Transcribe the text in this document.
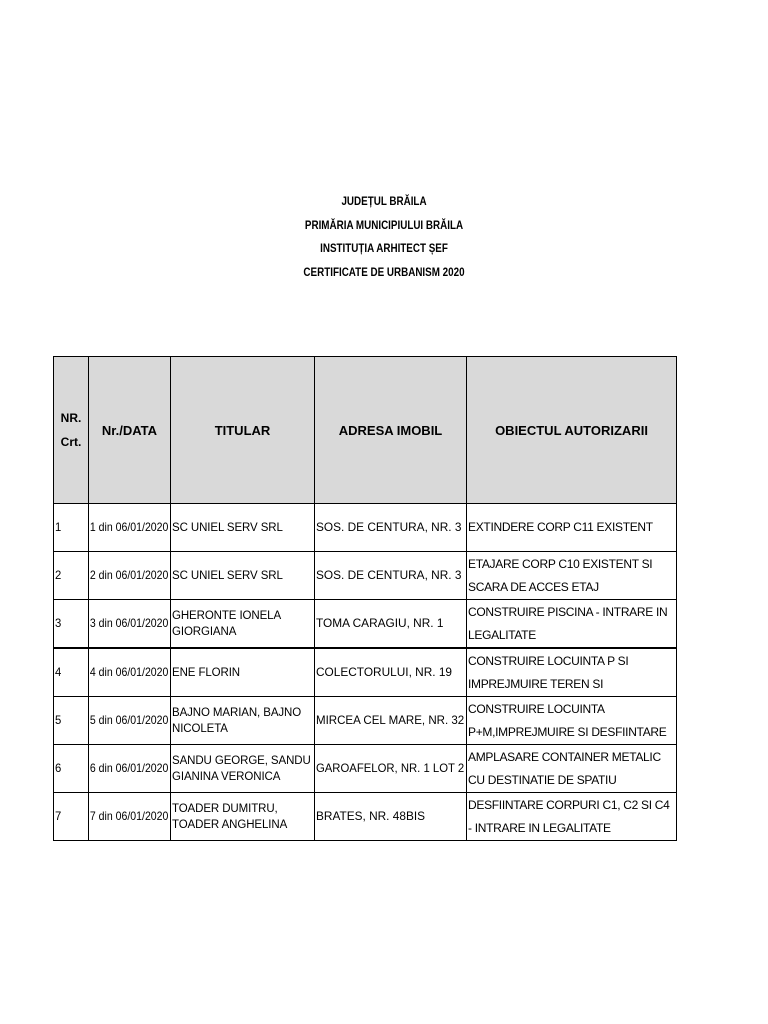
JUDEȚUL BRĂILA
PRIMĂRIA MUNICIPIULUI BRĂILA
INSTITUȚIA ARHITECT ȘEF
CERTIFICATE DE URBANISM 2020
NR.
Crt.	Nr./DATA	TITULAR	ADRESA IMOBIL	OBIECTUL AUTORIZARII
1	1 din 06/01/2020	SC UNIEL SERV SRL	SOS. DE CENTURA, NR. 3	EXTINDERE CORP C11 EXISTENT

2	2 din 06/01/2020	SC UNIEL SERV SRL	SOS. DE CENTURA, NR. 3	ETAJARE CORP C10 EXISTENT SI SCARA DE ACCES ETAJ

3	3 din 06/01/2020	GHERONTE IONELA GIORGIANA	TOMA CARAGIU, NR. 1	CONSTRUIRE PISCINA - INTRARE IN LEGALITATE

4	4 din 06/01/2020	ENE FLORIN	COLECTORULUI, NR. 19	CONSTRUIRE LOCUINTA P SI IMPREJMUIRE TEREN SI

5	5 din 06/01/2020	BAJNO MARIAN, BAJNO NICOLETA	MIRCEA CEL MARE, NR. 32	CONSTRUIRE LOCUINTA P+M,IMPREJMUIRE SI DESFIINTARE

6	6 din 06/01/2020	SANDU GEORGE, SANDU GIANINA VERONICA	GAROAFELOR, NR. 1 LOT 2	AMPLASARE CONTAINER METALIC CU DESTINATIE DE SPATIU

7	7 din 06/01/2020	TOADER DUMITRU, TOADER ANGHELINA	BRATES, NR. 48BIS	DESFIINTARE CORPURI C1, C2 SI C4 - INTRARE IN LEGALITATE
